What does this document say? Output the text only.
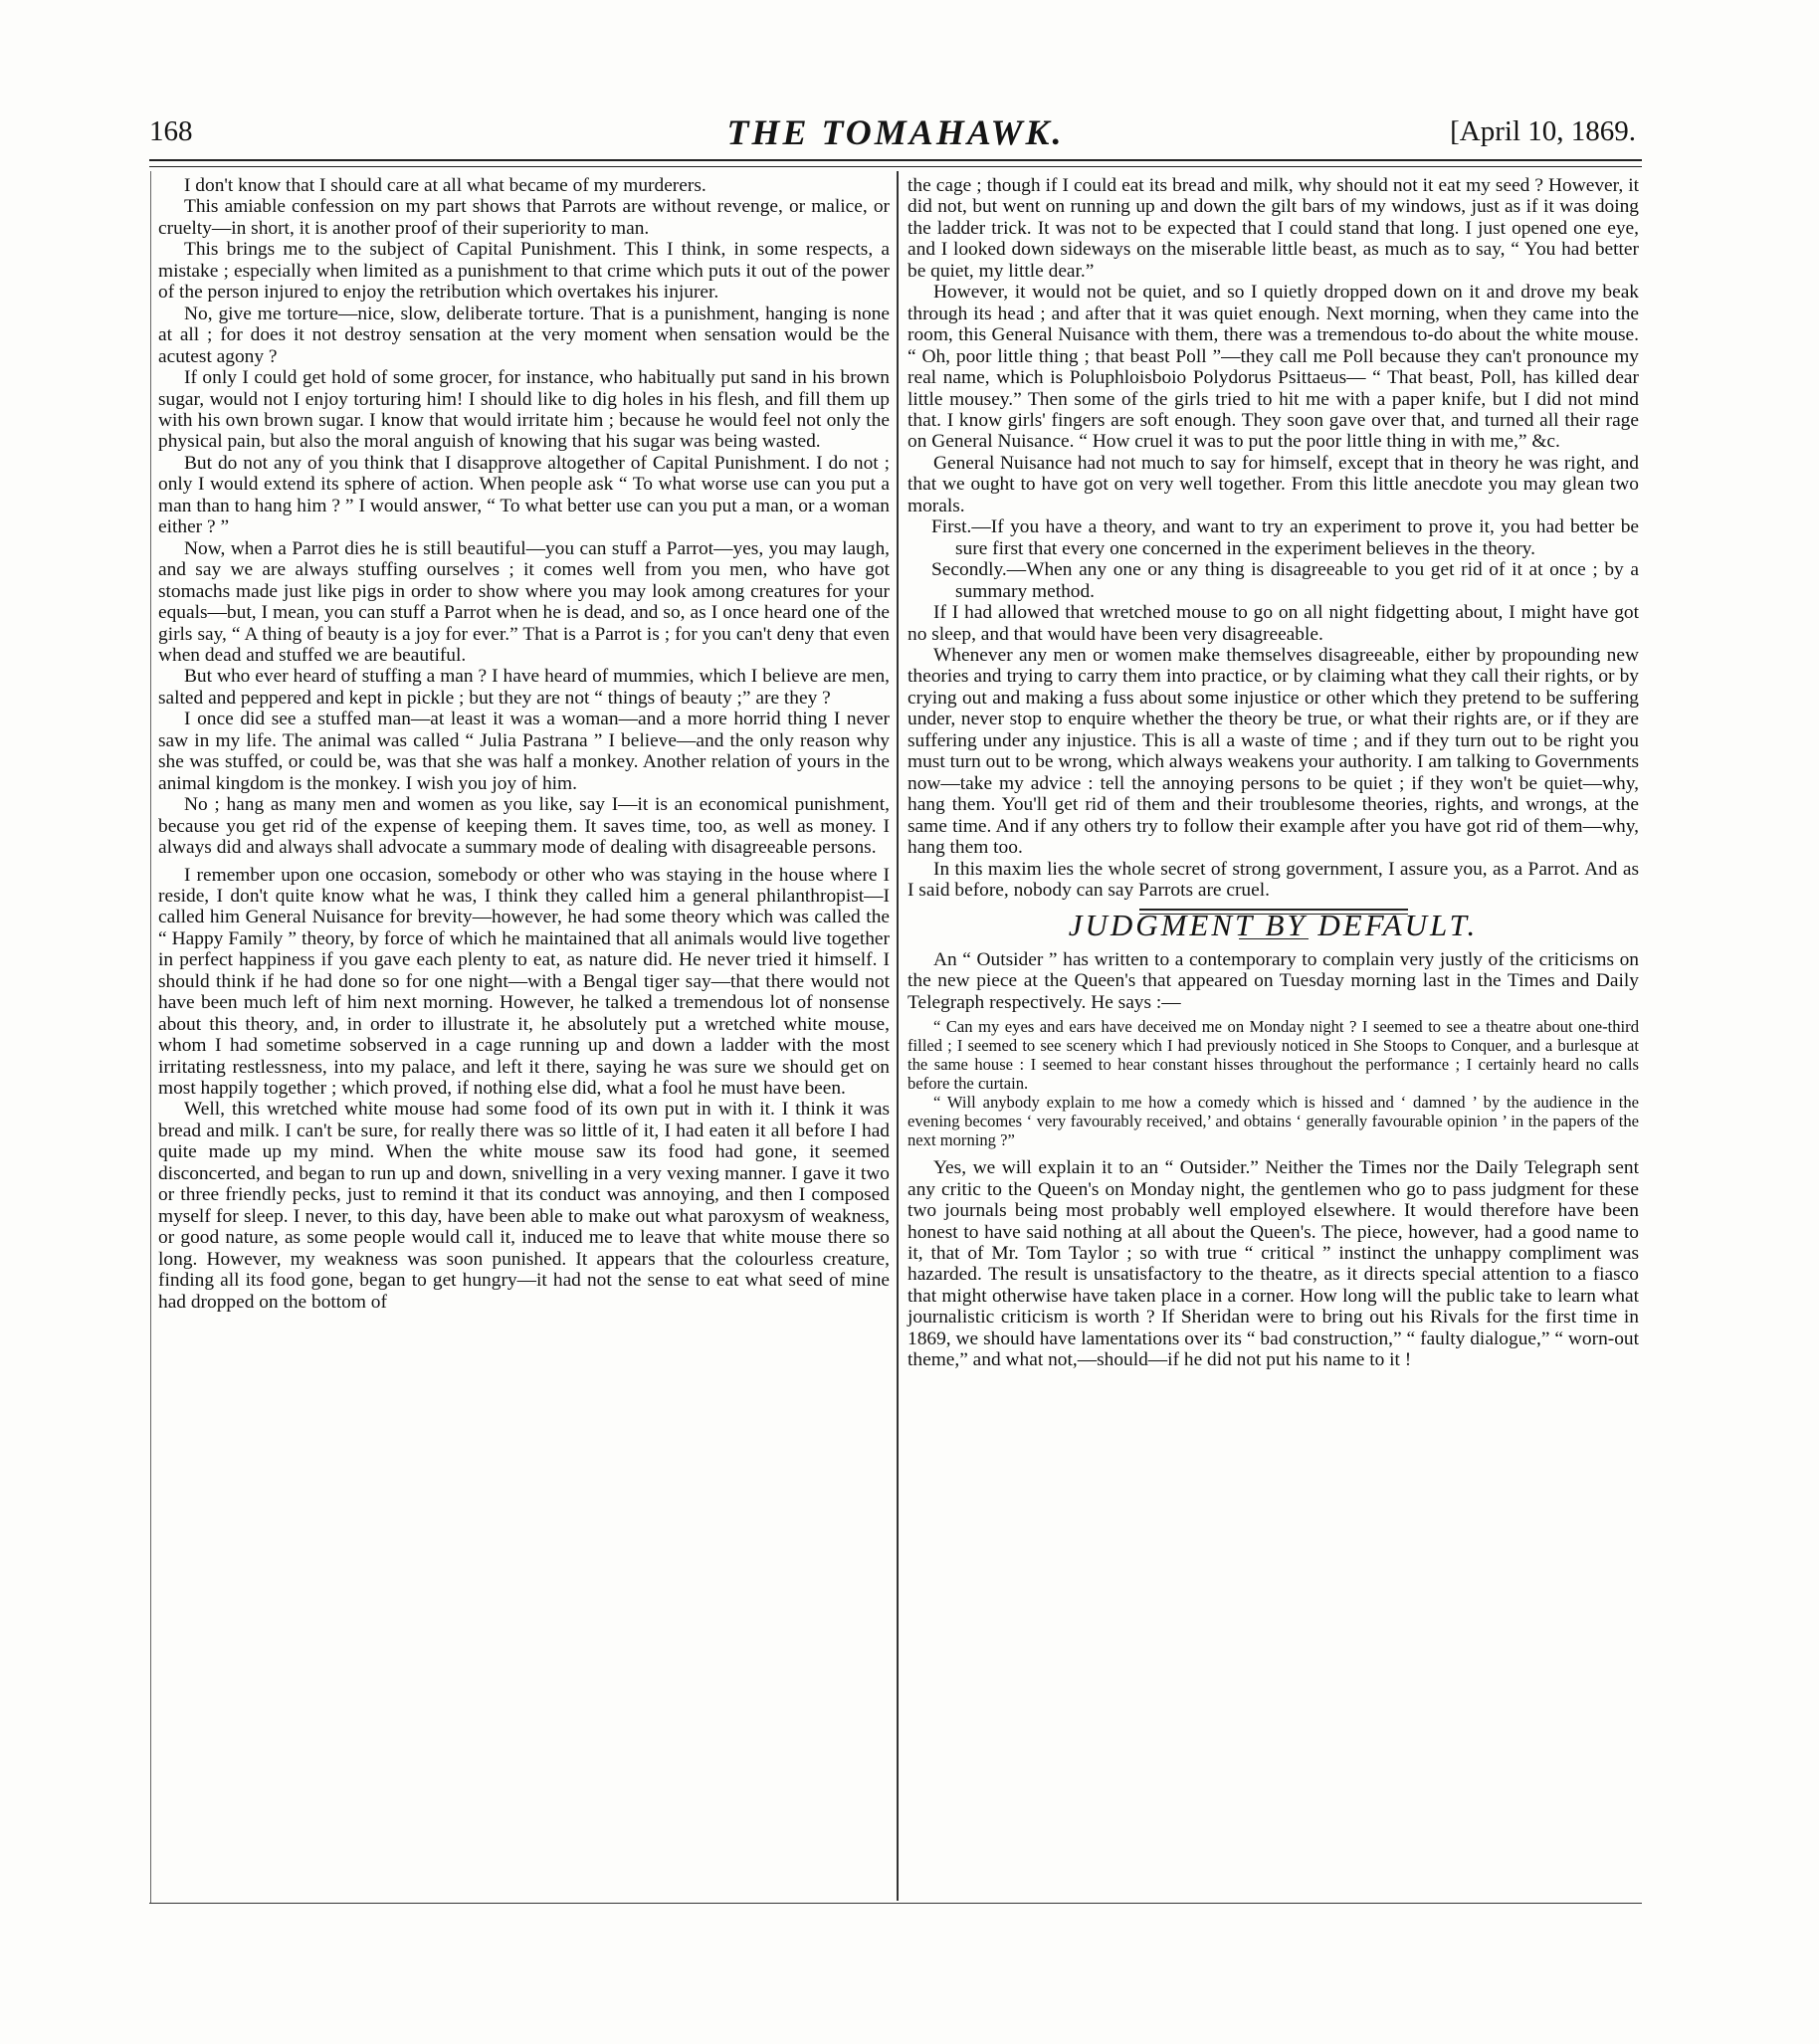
168	THE TOMAHAWK.	[April 10, 1869.

I don't know that I should care at all what became of my murderers.

This amiable confession on my part shows that Parrots are without revenge, or malice, or cruelty—in short, it is another proof of their superiority to man.

This brings me to the subject of Capital Punishment. This I think, in some respects, a mistake ; especially when limited as a punishment to that crime which puts it out of the power of the person injured to enjoy the retribution which overtakes his injurer.

No, give me torture—nice, slow, deliberate torture. That is a punishment, hanging is none at all ; for does it not destroy sensation at the very moment when sensation would be the acutest agony ?

If only I could get hold of some grocer, for instance, who habitually put sand in his brown sugar, would not I enjoy torturing him! I should like to dig holes in his flesh, and fill them up with his own brown sugar. I know that would irritate him ; because he would feel not only the physical pain, but also the moral anguish of knowing that his sugar was being wasted.

But do not any of you think that I disapprove altogether of Capital Punishment. I do not ; only I would extend its sphere of action. When people ask “ To what worse use can you put a man than to hang him ? ” I would answer, “ To what better use can you put a man, or a woman either ? ”

Now, when a Parrot dies he is still beautiful—you can stuff a Parrot—yes, you may laugh, and say we are always stuffing ourselves ; it comes well from you men, who have got stomachs made just like pigs in order to show where you may look among creatures for your equals—but, I mean, you can stuff a Parrot when he is dead, and so, as I once heard one of the girls say, “ A thing of beauty is a joy for ever.” That is a Parrot is ; for you can't deny that even when dead and stuffed we are beautiful.

But who ever heard of stuffing a man ? I have heard of mummies, which I believe are men, salted and peppered and kept in pickle ; but they are not “ things of beauty ;” are they ?

I once did see a stuffed man—at least it was a woman—and a more horrid thing I never saw in my life. The animal was called “ Julia Pastrana ” I believe—and the only reason why she was stuffed, or could be, was that she was half a monkey. Another relation of yours in the animal kingdom is the monkey. I wish you joy of him.

No ; hang as many men and women as you like, say I—it is an economical punishment, because you get rid of the expense of keeping them. It saves time, too, as well as money. I always did and always shall advocate a summary mode of dealing with disagreeable persons.

I remember upon one occasion, somebody or other who was staying in the house where I reside, I don't quite know what he was, I think they called him a general philanthropist—I called him General Nuisance for brevity—however, he had some theory which was called the “ Happy Family ” theory, by force of which he maintained that all animals would live together in perfect happiness if you gave each plenty to eat, as nature did. He never tried it himself. I should think if he had done so for one night—with a Bengal tiger say—that there would not have been much left of him next morning. However, he talked a tremendous lot of nonsense about this theory, and, in order to illustrate it, he absolutely put a wretched white mouse, whom I had sometime sobserved in a cage running up and down a ladder with the most irritating restlessness, into my palace, and left it there, saying he was sure we should get on most happily together ; which proved, if nothing else did, what a fool he must have been.

Well, this wretched white mouse had some food of its own put in with it. I think it was bread and milk. I can't be sure, for really there was so little of it, I had eaten it all before I had quite made up my mind. When the white mouse saw its food had gone, it seemed disconcerted, and began to run up and down, snivelling in a very vexing manner. I gave it two or three friendly pecks, just to remind it that its conduct was annoying, and then I composed myself for sleep. I never, to this day, have been able to make out what paroxysm of weakness, or good nature, as some people would call it, induced me to leave that white mouse there so long. However, my weakness was soon punished. It appears that the colourless creature, finding all its food gone, began to get hungry—it had not the sense to eat what seed of mine had dropped on the bottom of

the cage ; though if I could eat its bread and milk, why should not it eat my seed ? However, it did not, but went on running up and down the gilt bars of my windows, just as if it was doing the ladder trick. It was not to be expected that I could stand that long. I just opened one eye, and I looked down sideways on the miserable little beast, as much as to say, “ You had better be quiet, my little dear.”

However, it would not be quiet, and so I quietly dropped down on it and drove my beak through its head ; and after that it was quiet enough. Next morning, when they came into the room, this General Nuisance with them, there was a tremendous to-do about the white mouse. “ Oh, poor little thing ; that beast Poll ”—they call me Poll because they can't pronounce my real name, which is Poluphloisboio Polydorus Psittaeus— “ That beast, Poll, has killed dear little mousey.” Then some of the girls tried to hit me with a paper knife, but I did not mind that. I know girls' fingers are soft enough. They soon gave over that, and turned all their rage on General Nuisance. “ How cruel it was to put the poor little thing in with me,” &c.

General Nuisance had not much to say for himself, except that in theory he was right, and that we ought to have got on very well together. From this little anecdote you may glean two morals.

First.—If you have a theory, and want to try an experiment to prove it, you had better be sure first that every one concerned in the experiment believes in the theory.

Secondly.—When any one or any thing is disagreeable to you get rid of it at once ; by a summary method.

If I had allowed that wretched mouse to go on all night fidgetting about, I might have got no sleep, and that would have been very disagreeable.

Whenever any men or women make themselves disagreeable, either by propounding new theories and trying to carry them into practice, or by claiming what they call their rights, or by crying out and making a fuss about some injustice or other which they pretend to be suffering under, never stop to enquire whether the theory be true, or what their rights are, or if they are suffering under any injustice. This is all a waste of time ; and if they turn out to be right you must turn out to be wrong, which always weakens your authority. I am talking to Governments now—take my advice : tell the annoying persons to be quiet ; if they won't be quiet—why, hang them. You'll get rid of them and their troublesome theories, rights, and wrongs, at the same time. And if any others try to follow their example after you have got rid of them—why, hang them too.

In this maxim lies the whole secret of strong government, I assure you, as a Parrot. And as I said before, nobody can say Parrots are cruel.

JUDGMENT BY DEFAULT.

An “ Outsider ” has written to a contemporary to complain very justly of the criticisms on the new piece at the Queen's that appeared on Tuesday morning last in the Times and Daily Telegraph respectively. He says :—

“ Can my eyes and ears have deceived me on Monday night ? I seemed to see a theatre about one-third filled ; I seemed to see scenery which I had previously noticed in She Stoops to Conquer, and a burlesque at the same house : I seemed to hear constant hisses throughout the performance ; I certainly heard no calls before the curtain.

“ Will anybody explain to me how a comedy which is hissed and ‘ damned ’ by the audience in the evening becomes ‘ very favourably received,’ and obtains ‘ generally favourable opinion ’ in the papers of the next morning ?”

Yes, we will explain it to an “ Outsider.” Neither the Times nor the Daily Telegraph sent any critic to the Queen's on Monday night, the gentlemen who go to pass judgment for these two journals being most probably well employed elsewhere. It would therefore have been honest to have said nothing at all about the Queen's. The piece, however, had a good name to it, that of Mr. Tom Taylor ; so with true “ critical ” instinct the unhappy compliment was hazarded. The result is unsatisfactory to the theatre, as it directs special attention to a fiasco that might otherwise have taken place in a corner. How long will the public take to learn what journalistic criticism is worth ? If Sheridan were to bring out his Rivals for the first time in 1869, we should have lamentations over its “ bad construction,” “ faulty dialogue,” “ worn-out theme,” and what not,—should—if he did not put his name to it !
